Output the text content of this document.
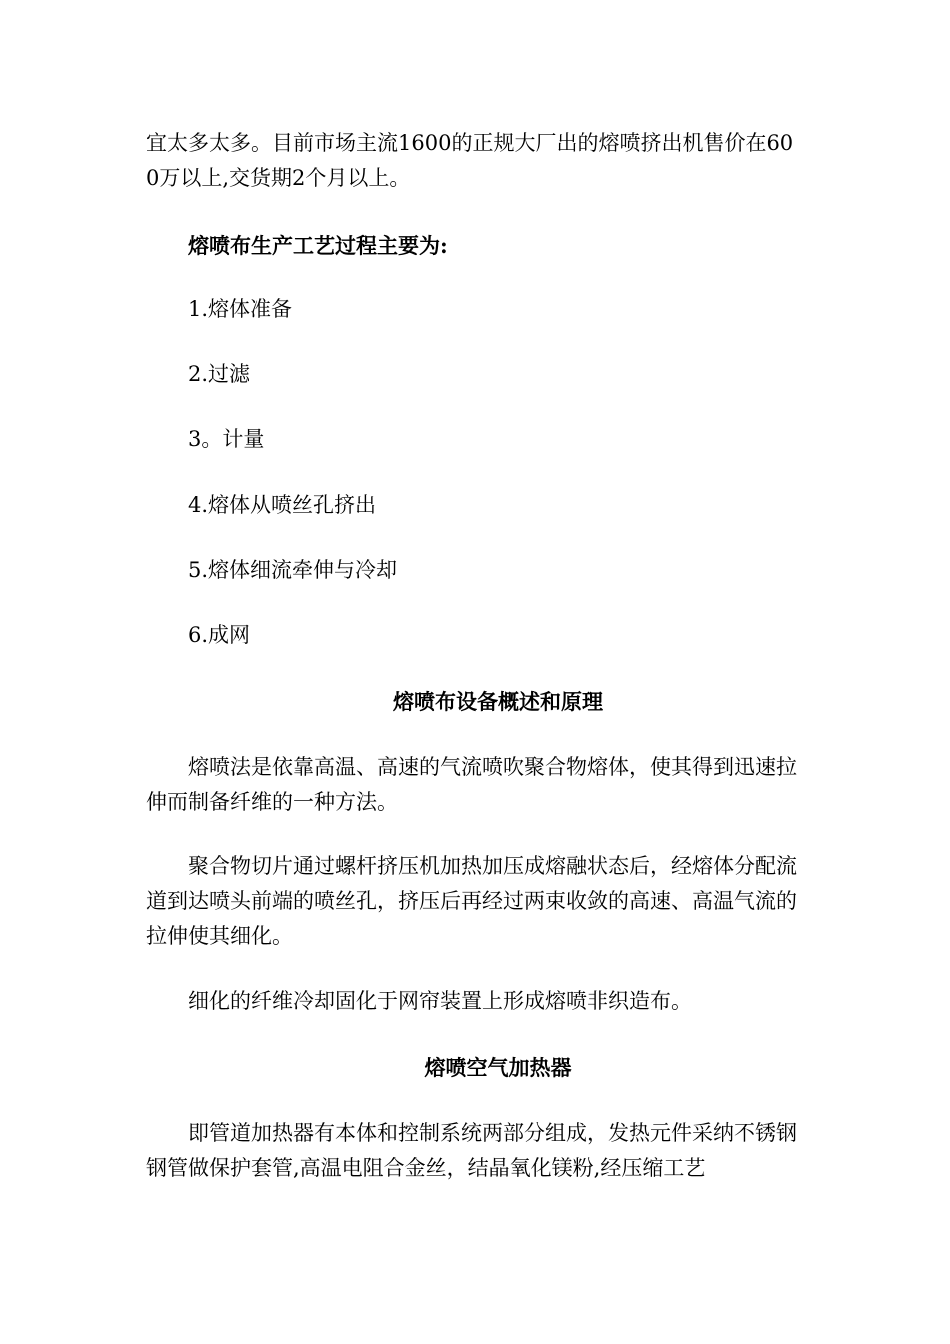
宜太多太多。目前市场主流1600的正规大厂出的熔喷挤出机售价在600万以上,交货期2个月以上。

熔喷布生产工艺过程主要为:

1.熔体准备

2.过滤

3。计量

4.熔体从喷丝孔挤出

5.熔体细流牵伸与冷却

6.成网

熔喷布设备概述和原理

熔喷法是依靠高温、高速的气流喷吹聚合物熔体，使其得到迅速拉伸而制备纤维的一种方法。

聚合物切片通过螺杆挤压机加热加压成熔融状态后，经熔体分配流道到达喷头前端的喷丝孔，挤压后再经过两束收敛的高速、高温气流的拉伸使其细化。

细化的纤维冷却固化于网帘装置上形成熔喷非织造布。

熔喷空气加热器

即管道加热器有本体和控制系统两部分组成，发热元件采纳不锈钢钢管做保护套管,高温电阻合金丝，结晶氧化镁粉,经压缩工艺
